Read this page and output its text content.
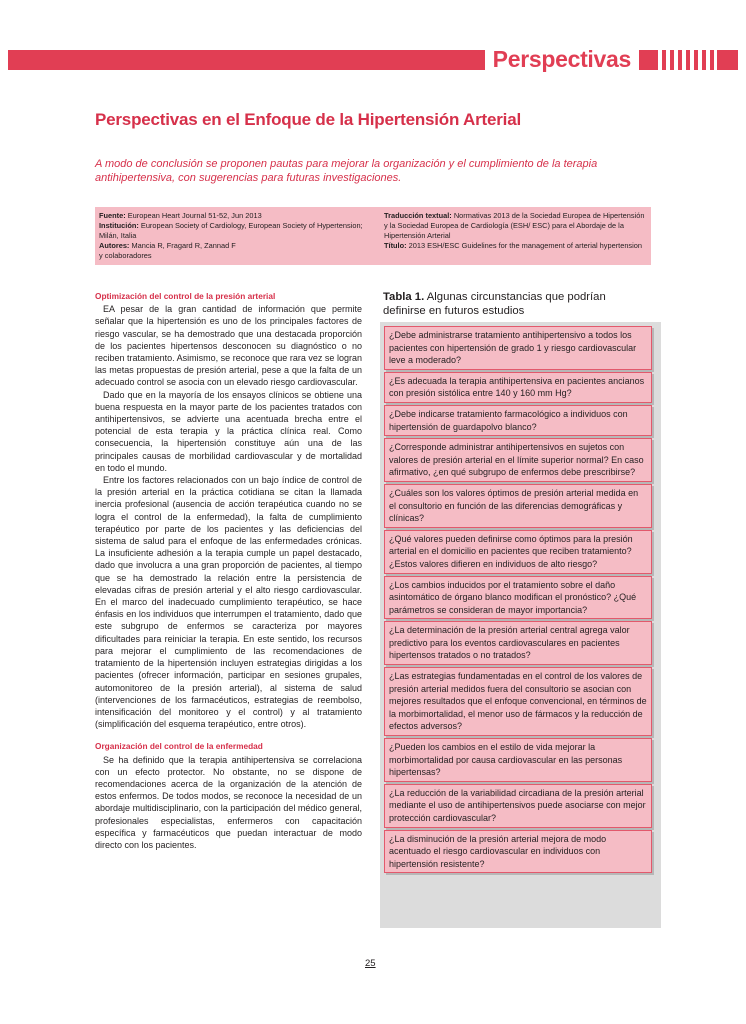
Perspectivas
Perspectivas en el Enfoque de la Hipertensión Arterial
A modo de conclusión se proponen pautas para mejorar la organización y el cumplimiento de la terapia antihipertensiva, con sugerencias para futuras investigaciones.
Fuente: European Heart Journal 51-52, Jun 2013
Institución: European Society of Cardiology, European Society of Hypertension; Milán, Italia
Autores: Mancia R, Fragard R, Zannad F
y colaboradores
Traducción textual: Normativas 2013 de la Sociedad Europea de Hipertensión y la Sociedad Europea de Cardiología (ESH/ ESC) para el Abordaje de la Hipertensión Arterial
Título: 2013 ESH/ESC Guidelines for the management of arterial hypertension
Optimización del control de la presión arterial

EA pesar de la gran cantidad de información que permite señalar que la hipertensión es uno de los principales factores de riesgo vascular, se ha demostrado que una destacada proporción de los pacientes hipertensos desconocen su diagnóstico o no reciben tratamiento. Asimismo, se reconoce que rara vez se logran las metas propuestas de presión arterial, pese a que la falta de un adecuado control se asocia con un elevado riesgo cardiovascular.

Dado que en la mayoría de los ensayos clínicos se obtiene una buena respuesta en la mayor parte de los pacientes tratados con antihipertensivos, se advierte una acentuada brecha entre el potencial de esta terapia y la práctica clínica real. Como consecuencia, la hipertensión constituye aún una de las principales causas de morbilidad cardiovascular y de mortalidad en todo el mundo.

Entre los factores relacionados con un bajo índice de control de la presión arterial en la práctica cotidiana se citan la llamada inercia profesional (ausencia de acción terapéutica cuando no se logra el control de la enfermedad), la falta de cumplimiento terapéutico por parte de los pacientes y las deficiencias del sistema de salud para el enfoque de las enfermedades crónicas. La insuficiente adhesión a la terapia cumple un papel destacado, dado que involucra a una gran proporción de pacientes, al tiempo que se ha demostrado la relación entre la persistencia de elevadas cifras de presión arterial y el alto riesgo cardiovascular. En el marco del inadecuado cumplimiento terapéutico, se hace énfasis en los individuos que interrumpen el tratamiento, dado que este subgrupo de enfermos se caracteriza por mayores dificultades para reiniciar la terapia. En este sentido, los recursos para mejorar el cumplimiento de las recomendaciones de tratamiento de la hipertensión incluyen estrategias dirigidas a los pacientes (ofrecer información, participar en sesiones grupales, automonitoreo de la presión arterial), al sistema de salud (intervenciones de los farmacéuticos, estrategias de reembolso, intensificación del monitoreo y el control) y al tratamiento (simplificación del esquema terapéutico, entre otros).

Organización del control de la enfermedad

Se ha definido que la terapia antihipertensiva se correlaciona con un efecto protector. No obstante, no se dispone de recomendaciones acerca de la organización de la atención de estos enfermos. De todos modos, se reconoce la necesidad de un abordaje multidisciplinario, con la participación del médico general, profesionales especialistas, enfermeros con capacitación específica y farmacéuticos que puedan interactuar de modo directo con los pacientes.

Tabla 1. Algunas circunstancias que podrían definirse en futuros estudios
¿Debe administrarse tratamiento antihipertensivo a todos los pacientes con hipertensión de grado 1 y riesgo cardiovascular leve a moderado?
¿Es adecuada la terapia antihipertensiva en pacientes ancianos con presión sistólica entre 140 y 160 mm Hg?
¿Debe indicarse tratamiento farmacológico a individuos con hipertensión de guardapolvo blanco?
¿Corresponde administrar antihipertensivos en sujetos con valores de presión arterial en el límite superior normal? En caso afirmativo, ¿en qué subgrupo de enfermos debe prescribirse?
¿Cuáles son los valores óptimos de presión arterial medida en el consultorio en función de las diferencias demográficas y clínicas?
¿Qué valores pueden definirse como óptimos para la presión arterial en el domicilio en pacientes que reciben tratamiento? ¿Estos valores difieren en individuos de alto riesgo?
¿Los cambios inducidos por el tratamiento sobre el daño asintomático de órgano blanco modifican el pronóstico? ¿Qué parámetros se consideran de mayor importancia?
¿La determinación de la presión arterial central agrega valor predictivo para los eventos cardiovasculares en pacientes hipertensos tratados o no tratados?
¿Las estrategias fundamentadas en el control de los valores de presión arterial medidos fuera del consultorio se asocian con mejores resultados que el enfoque convencional, en términos de la morbimortalidad, el menor uso de fármacos y la reducción de efectos adversos?
¿Pueden los cambios en el estilo de vida mejorar la morbimortalidad por causa cardiovascular en las personas hipertensas?
¿La reducción de la variabilidad circadiana de la presión arterial mediante el uso de antihipertensivos puede asociarse con mejor protección cardiovascular?
¿La disminución de la presión arterial mejora de modo acentuado el riesgo cardiovascular en individuos con hipertensión resistente?
25
